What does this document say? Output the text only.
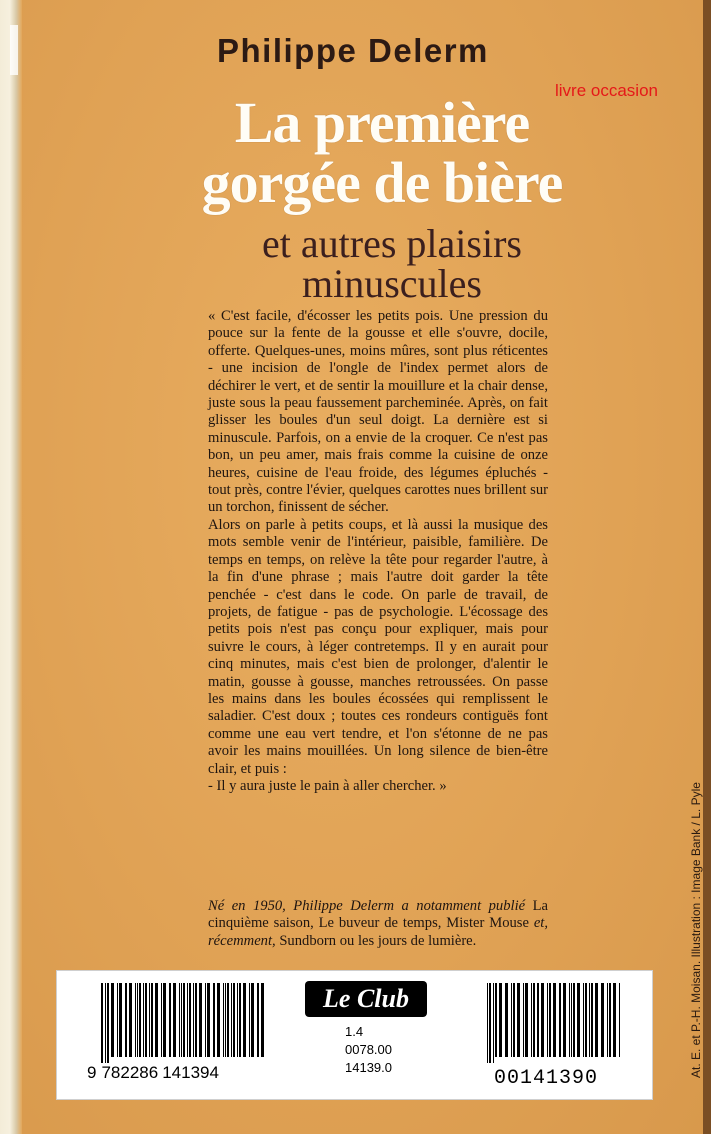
Philippe Delerm
livre occasion
La première
gorgée de bière
et autres plaisirs
minuscules

« C'est facile, d'écosser les petits pois. Une pression du pouce sur la fente de la gousse et elle s'ouvre, docile, offerte. Quelques-unes, moins mûres, sont plus réticentes - une incision de l'ongle de l'index permet alors de déchirer le vert, et de sentir la mouillure et la chair dense, juste sous la peau faussement parcheminée. Après, on fait glisser les boules d'un seul doigt. La dernière est si minuscule. Parfois, on a envie de la croquer. Ce n'est pas bon, un peu amer, mais frais comme la cuisine de onze heures, cuisine de l'eau froide, des légumes épluchés - tout près, contre l'évier, quelques carottes nues brillent sur un torchon, finissent de sécher.

Alors on parle à petits coups, et là aussi la musique des mots semble venir de l'intérieur, paisible, familière. De temps en temps, on relève la tête pour regarder l'autre, à la fin d'une phrase ; mais l'autre doit garder la tête penchée - c'est dans le code. On parle de travail, de projets, de fatigue - pas de psychologie. L'écossage des petits pois n'est pas conçu pour expliquer, mais pour suivre le cours, à léger contretemps. Il y en aurait pour cinq minutes, mais c'est bien de prolonger, d'alentir le matin, gousse à gousse, manches retroussées. On passe les mains dans les boules écossées qui remplissent le saladier. C'est doux ; toutes ces rondeurs contiguës font comme une eau vert tendre, et l'on s'étonne de ne pas avoir les mains mouillées. Un long silence de bien-être clair, et puis :

- Il y aura juste le pain à aller chercher. »

Né en 1950, Philippe Delerm a notamment publié La cinquième saison, Le buveur de temps, Mister Mouse et, récemment, Sundborn ou les jours de lumière.	At. E. et P.-H. Moisan. Illustration : Image Bank / L. Pyle
9 782286 141394
Le Club
1.4
0078.00
14139.0	00141390
